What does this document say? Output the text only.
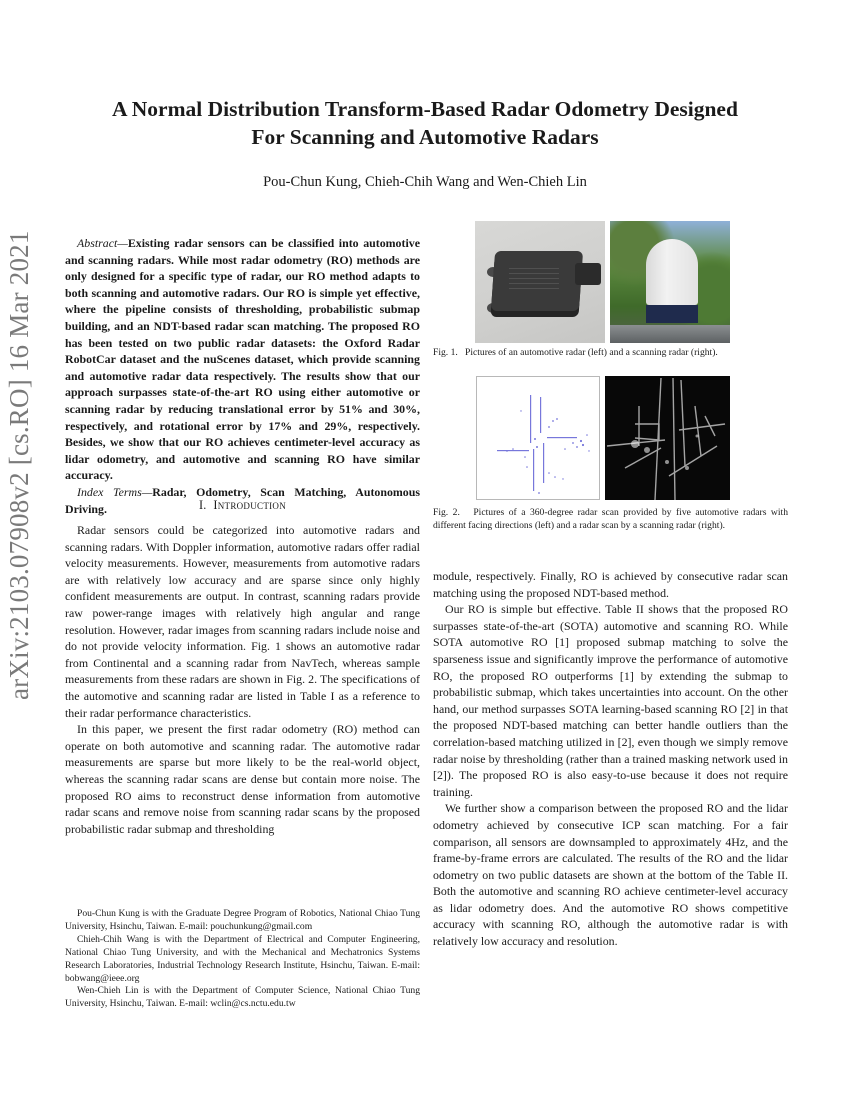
A Normal Distribution Transform-Based Radar Odometry Designed
For Scanning and Automotive Radars
Pou-Chun Kung, Chieh-Chih Wang and Wen-Chieh Lin
arXiv:2103.07908v2 [cs.RO] 16 Mar 2021	Abstract—Existing radar sensors can be classified into automotive and scanning radars. While most radar odometry (RO) methods are only designed for a specific type of radar, our RO method adapts to both scanning and automotive radars. Our RO is simple yet effective, where the pipeline consists of thresholding, probabilistic submap building, and an NDT-based radar scan matching. The proposed RO has been tested on two public radar datasets: the Oxford Radar RobotCar dataset and the nuScenes dataset, which provide scanning and automotive radar data respectively. The results show that our approach surpasses state-of-the-art RO using either automotive or scanning radar by reducing translational error by 51% and 30%, respectively, and rotational error by 17% and 29%, respectively. Besides, we show that our RO achieves centimeter-level accuracy as lidar odometry, and automotive and scanning RO have similar accuracy.

Index Terms—Radar, Odometry, Scan Matching, Autonomous Driving.	I. Introduction

Radar sensors could be categorized into automotive radars and scanning radars. With Doppler information, automotive radars offer radial velocity measurements. However, measurements from automotive radars are with relatively low accuracy and are sparse since only highly confident measurements are output. In contrast, scanning radars provide raw power-range images with relatively high angular and range resolution. However, radar images from scanning radars include noise and do not provide velocity information. Fig. 1 shows an automotive radar from Continental and a scanning radar from NavTech, whereas sample measurements from these radars are shown in Fig. 2. The specifications of the automotive and scanning radar are listed in Table I as a reference to their radar performance characteristics.

In this paper, we present the first radar odometry (RO) method can operate on both automotive and scanning radar. The automotive radar measurements are sparse but more likely to be the real-world object, whereas the scanning radar scans are dense but contain more noise. The proposed RO aims to reconstruct dense information from automotive radar scans and remove noise from scanning radar scans by the proposed probabilistic radar submap and thresholding

Pou-Chun Kung is with the Graduate Degree Program of Robotics, National Chiao Tung University, Hsinchu, Taiwan. E-mail: pouchunkung@gmail.com

Chieh-Chih Wang is with the Department of Electrical and Computer Engineering, National Chiao Tung University, and with the Mechanical and Mechatronics Systems Research Laboratories, Industrial Technology Research Institute, Hsinchu, Taiwan. E-mail: bobwang@ieee.org

Wen-Chieh Lin is with the Department of Computer Science, National Chiao Tung University, Hsinchu, Taiwan. E-mail: wclin@cs.nctu.edu.tw

Fig. 1. Pictures of an automotive radar (left) and a scanning radar (right).
Fig. 2. Pictures of a 360-degree radar scan provided by five automotive radars with different facing directions (left) and a radar scan by a scanning radar (right).

module, respectively. Finally, RO is achieved by consecutive radar scan matching using the proposed NDT-based method.

Our RO is simple but effective. Table II shows that the proposed RO surpasses state-of-the-art (SOTA) automotive and scanning RO. While SOTA automotive RO [1] proposed submap matching to solve the sparseness issue and significantly improve the performance of automotive RO, the proposed RO outperforms [1] by extending the submap to probabilistic submap, which takes uncertainties into account. On the other hand, our method surpasses SOTA learning-based scanning RO [2] in that the proposed NDT-based matching can better handle outliers than the correlation-based matching utilized in [2], even though we simply remove radar noise by thresholding (rather than a trained masking network used in [2]). The proposed RO is also easy-to-use because it does not require training.

We further show a comparison between the proposed RO and the lidar odometry achieved by consecutive ICP scan matching. For a fair comparison, all sensors are downsampled to approximately 4Hz, and the frame-by-frame errors are calculated. The results of the RO and the lidar odometry on two public datasets are shown at the bottom of the Table II. Both the automotive and scanning RO achieve centimeter-level accuracy as lidar odometry does. And the automotive RO shows competitive accuracy with scanning RO, although the automotive radar is with relatively low accuracy and resolution.
